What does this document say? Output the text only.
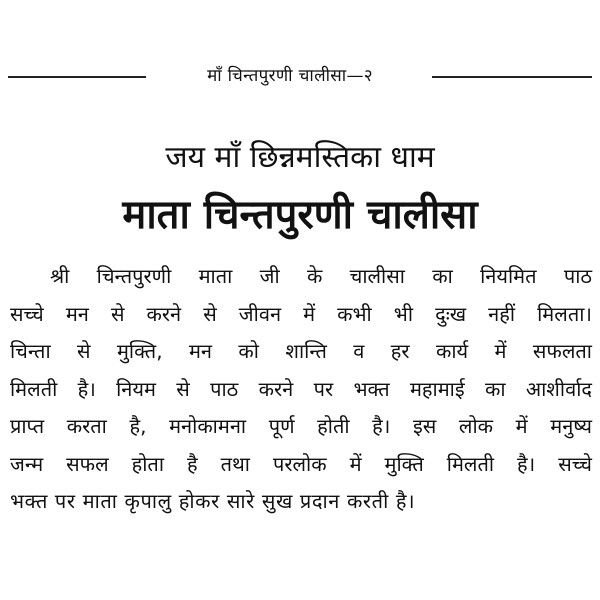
माँ चिन्तपुरणी चालीसा—२
जय माँ छिन्नमस्तिका धाम
माता चिन्तपुरणी चालीसा
श्री चिन्तपुरणी माता जी के चालीसा का नियमित पाठ
सच्चे मन से करने से जीवन में कभी भी दुःख नहीं मिलता।
चिन्ता से मुक्ति, मन को शान्ति व हर कार्य में सफलता
मिलती है। नियम से पाठ करने पर भक्त महामाई का आशीर्वाद
प्राप्त करता है, मनोकामना पूर्ण होती है। इस लोक में मनुष्य
जन्म सफल होता है तथा परलोक में मुक्ति मिलती है। सच्चे
भक्त पर माता कृपालु होकर सारे सुख प्रदान करती है।
